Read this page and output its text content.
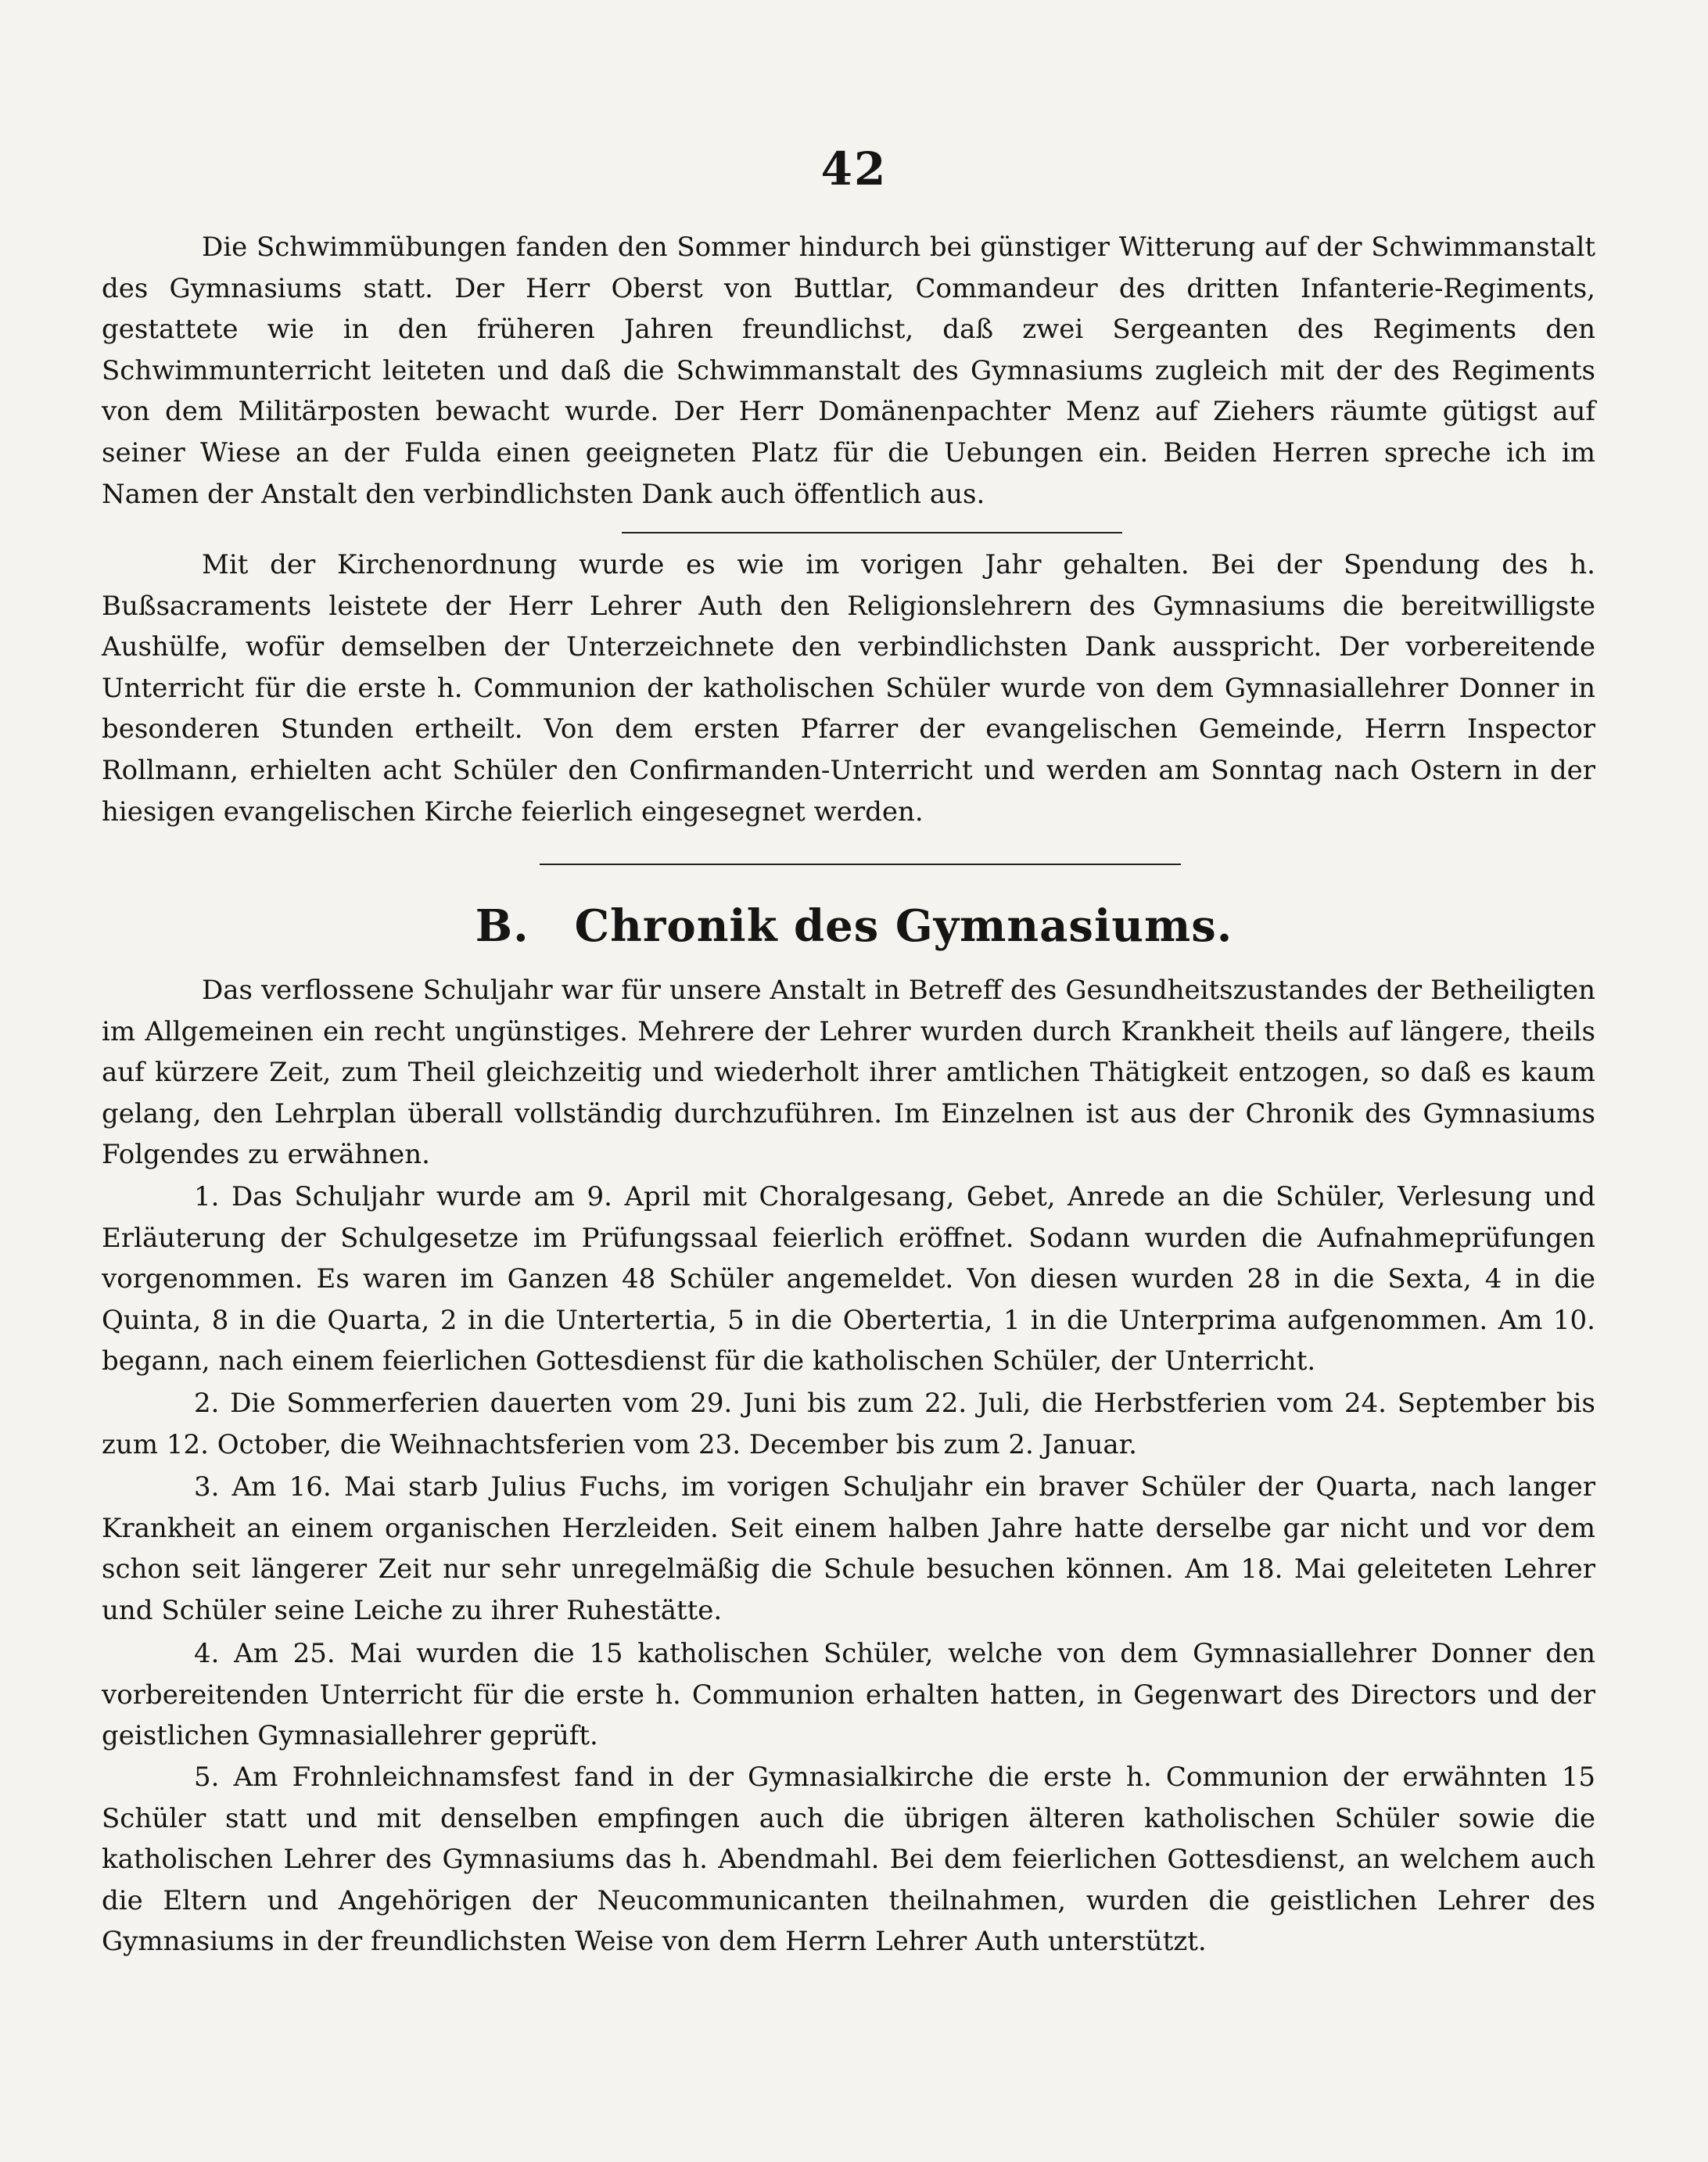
42

Die Schwimmübungen fanden den Sommer hindurch bei günstiger Witterung auf der Schwimmanstalt des Gymnasiums statt. Der Herr Oberst von Buttlar, Commandeur des dritten Infanterie-Regiments, gestattete wie in den früheren Jahren freundlichst, daß zwei Sergeanten des Regiments den Schwimmunterricht leiteten und daß die Schwimmanstalt des Gymnasiums zugleich mit der des Regiments von dem Militärposten bewacht wurde. Der Herr Domänenpachter Menz auf Ziehers räumte gütigst auf seiner Wiese an der Fulda einen geeigneten Platz für die Uebungen ein. Beiden Herren spreche ich im Namen der Anstalt den verbindlichsten Dank auch öffentlich aus.

Mit der Kirchenordnung wurde es wie im vorigen Jahr gehalten. Bei der Spendung des h. Bußsacraments leistete der Herr Lehrer Auth den Religionslehrern des Gymnasiums die bereitwilligste Aushülfe, wofür demselben der Unterzeichnete den verbindlichsten Dank ausspricht. Der vorbereitende Unterricht für die erste h. Communion der katholischen Schüler wurde von dem Gymnasiallehrer Donner in besonderen Stunden ertheilt. Von dem ersten Pfarrer der evangelischen Gemeinde, Herrn Inspector Rollmann, erhielten acht Schüler den Confirmanden-Unterricht und werden am Sonntag nach Ostern in der hiesigen evangelischen Kirche feierlich eingesegnet werden.

B. Chronik des Gymnasiums.

Das verflossene Schuljahr war für unsere Anstalt in Betreff des Gesundheitszustandes der Betheiligten im Allgemeinen ein recht ungünstiges. Mehrere der Lehrer wurden durch Krankheit theils auf längere, theils auf kürzere Zeit, zum Theil gleichzeitig und wiederholt ihrer amtlichen Thätigkeit entzogen, so daß es kaum gelang, den Lehrplan überall vollständig durchzuführen. Im Einzelnen ist aus der Chronik des Gymnasiums Folgendes zu erwähnen.

1. Das Schuljahr wurde am 9. April mit Choralgesang, Gebet, Anrede an die Schüler, Verlesung und Erläuterung der Schulgesetze im Prüfungssaal feierlich eröffnet. Sodann wurden die Aufnahmeprüfungen vorgenommen. Es waren im Ganzen 48 Schüler angemeldet. Von diesen wurden 28 in die Sexta, 4 in die Quinta, 8 in die Quarta, 2 in die Untertertia, 5 in die Obertertia, 1 in die Unterprima aufgenommen. Am 10. begann, nach einem feierlichen Gottesdienst für die katholischen Schüler, der Unterricht.

2. Die Sommerferien dauerten vom 29. Juni bis zum 22. Juli, die Herbstferien vom 24. September bis zum 12. October, die Weihnachtsferien vom 23. December bis zum 2. Januar.

3. Am 16. Mai starb Julius Fuchs, im vorigen Schuljahr ein braver Schüler der Quarta, nach langer Krankheit an einem organischen Herzleiden. Seit einem halben Jahre hatte derselbe gar nicht und vor dem schon seit längerer Zeit nur sehr unregelmäßig die Schule besuchen können. Am 18. Mai geleiteten Lehrer und Schüler seine Leiche zu ihrer Ruhestätte.

4. Am 25. Mai wurden die 15 katholischen Schüler, welche von dem Gymnasiallehrer Donner den vorbereitenden Unterricht für die erste h. Communion erhalten hatten, in Gegenwart des Directors und der geistlichen Gymnasiallehrer geprüft.

5. Am Frohnleichnamsfest fand in der Gymnasialkirche die erste h. Communion der erwähnten 15 Schüler statt und mit denselben empfingen auch die übrigen älteren katholischen Schüler sowie die katholischen Lehrer des Gymnasiums das h. Abendmahl. Bei dem feierlichen Gottesdienst, an welchem auch die Eltern und Angehörigen der Neucommunicanten theilnahmen, wurden die geistlichen Lehrer des Gymnasiums in der freundlichsten Weise von dem Herrn Lehrer Auth unterstützt.
